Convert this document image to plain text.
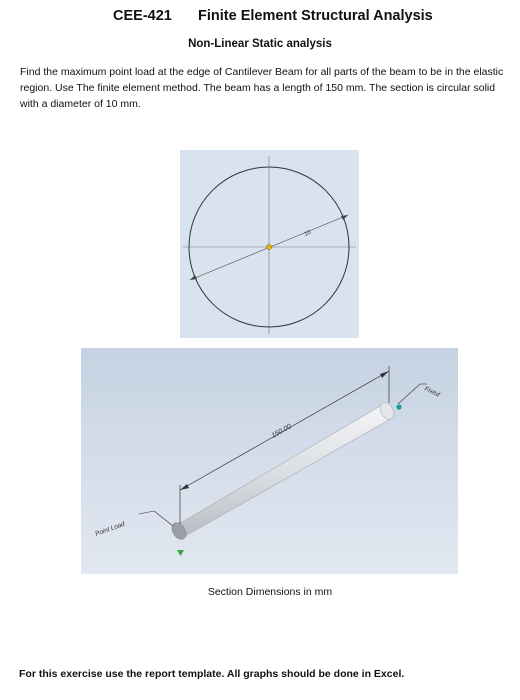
CEE-421 Finite Element Structural Analysis
Non-Linear Static analysis
Find the maximum point load at the edge of Cantilever Beam for all parts of the beam to be in the elastic region. Use The finite element method. The beam has a length of 150 mm. The section is circular solid with a diameter of 10 mm.
10
150.00
Fixed
Point Load
Section Dimensions in mm
For this exercise use the report template. All graphs should be done in Excel.
